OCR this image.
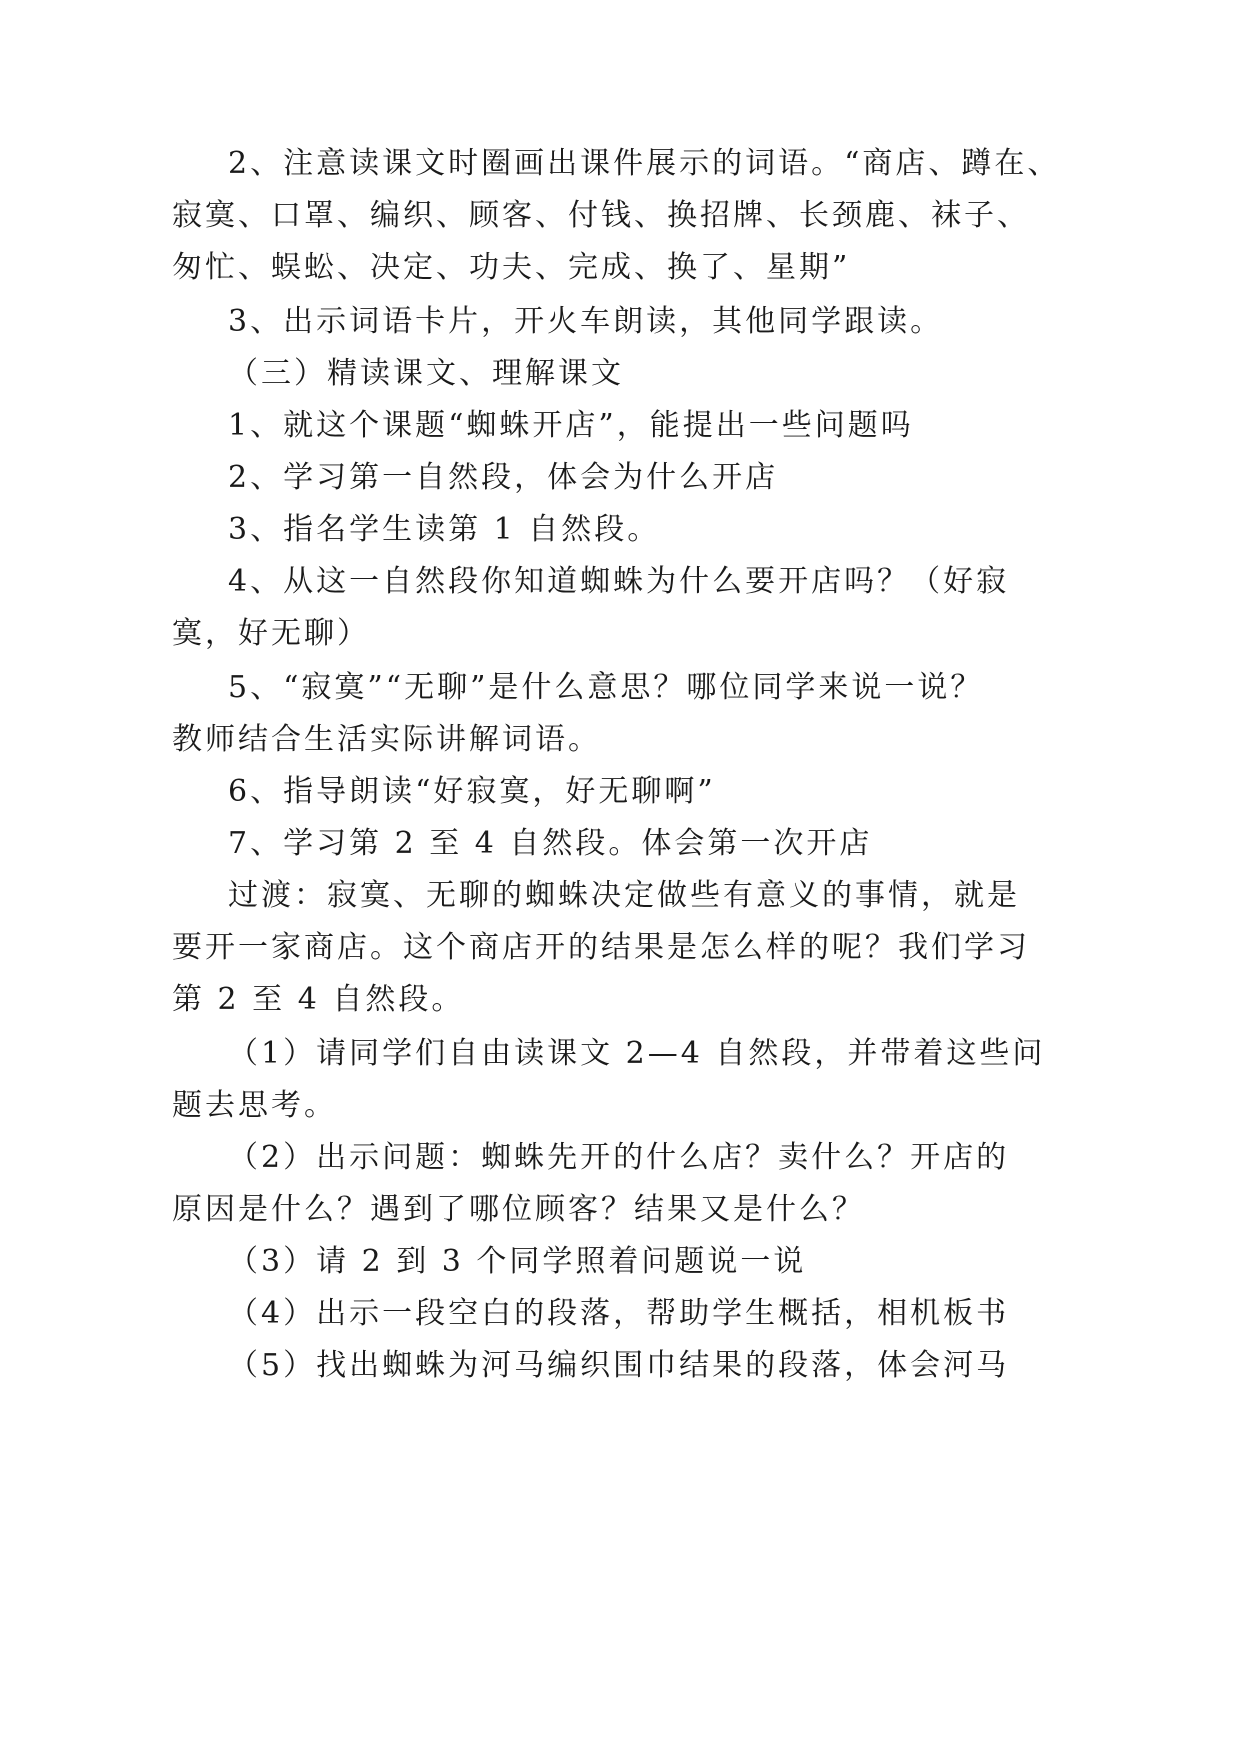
2、注意读课文时圈画出课件展示的词语。“商店、蹲在、
寂寞、口罩、编织、顾客、付钱、换招牌、长颈鹿、袜子、
匆忙、蜈蚣、决定、功夫、完成、换了、星期”
3、出示词语卡片，开火车朗读，其他同学跟读。
（三）精读课文、理解课文
1、就这个课题“蜘蛛开店”，能提出一些问题吗
2、学习第一自然段，体会为什么开店
3、指名学生读第 1 自然段。
4、从这一自然段你知道蜘蛛为什么要开店吗？（好寂
寞，好无聊）
5、“寂寞”“无聊”是什么意思？哪位同学来说一说？
教师结合生活实际讲解词语。
6、指导朗读“好寂寞，好无聊啊”
7、学习第 2 至 4 自然段。体会第一次开店
过渡：寂寞、无聊的蜘蛛决定做些有意义的事情，就是
要开一家商店。这个商店开的结果是怎么样的呢？我们学习
第 2 至 4 自然段。
（1）请同学们自由读课文 2—4 自然段，并带着这些问
题去思考。
（2）出示问题：蜘蛛先开的什么店？卖什么？开店的
原因是什么？遇到了哪位顾客？结果又是什么？
（3）请 2 到 3 个同学照着问题说一说
（4）出示一段空白的段落，帮助学生概括，相机板书
（5）找出蜘蛛为河马编织围巾结果的段落，体会河马
